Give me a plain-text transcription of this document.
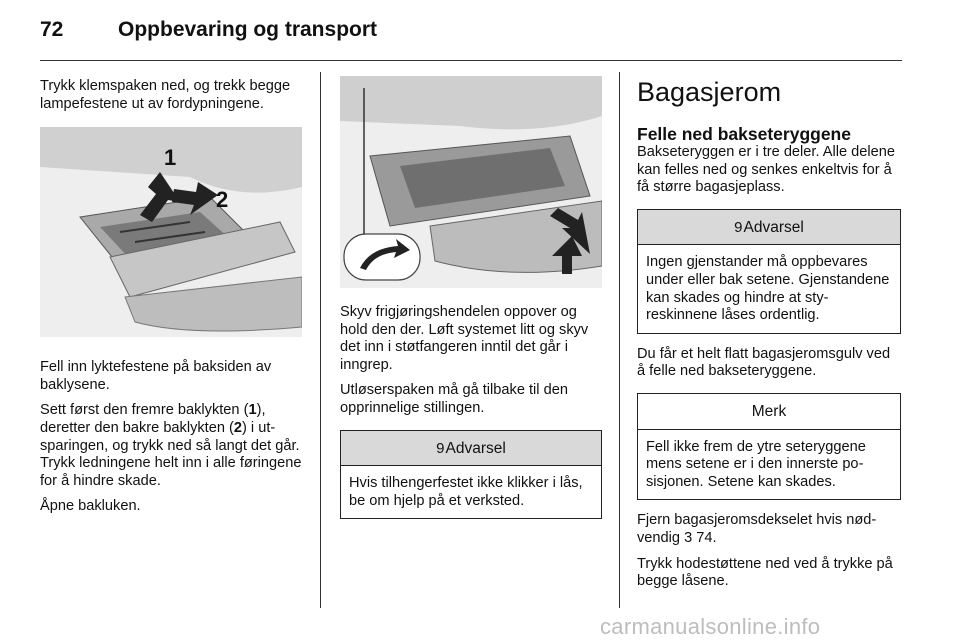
72	Oppbevaring og transport

Trykk klemspaken ned, og trekk begge lampefestene ut av fordypningene.

1
2

Fell inn lyktefestene på baksiden av baklysene.

Sett først den fremre baklykten (1), deretter den bakre baklykten (2) i utsparingen, og trykk ned så langt det går. Trykk ledningene helt inn i alle føringene for å hindre skade.

Åpne bakluken.

Skyv frigjøringshendelen oppover og hold den der. Løft systemet litt og skyv det inn i støtfangeren inntil det går i inngrep.

Utløserspaken må gå tilbake til den opprinnelige stillingen.

9Advarsel
Hvis tilhengerfestet ikke klikker i lås, be om hjelp på et verksted.
Bagasjerom
Felle ned bakseteryggene

Bakseteryggen er i tre deler. Alle delene kan felles ned og senkes enkeltvis for å få større bagasjeplass.

9Advarsel
Ingen gjenstander må oppbevares under eller bak setene. Gjenstandene kan skades og hindre at styreskinnene låses ordentlig.

Du får et helt flatt bagasjeromsgulv ved å felle ned bakseteryggene.

Merk
Fell ikke frem de ytre seteryggene mens setene er i den innerste posisjonen. Setene kan skades.

Fjern bagasjeromsdekselet hvis nødvendig 3 74.

Trykk hodestøttene ned ved å trykke på begge låsene.

carmanualsonline.info
